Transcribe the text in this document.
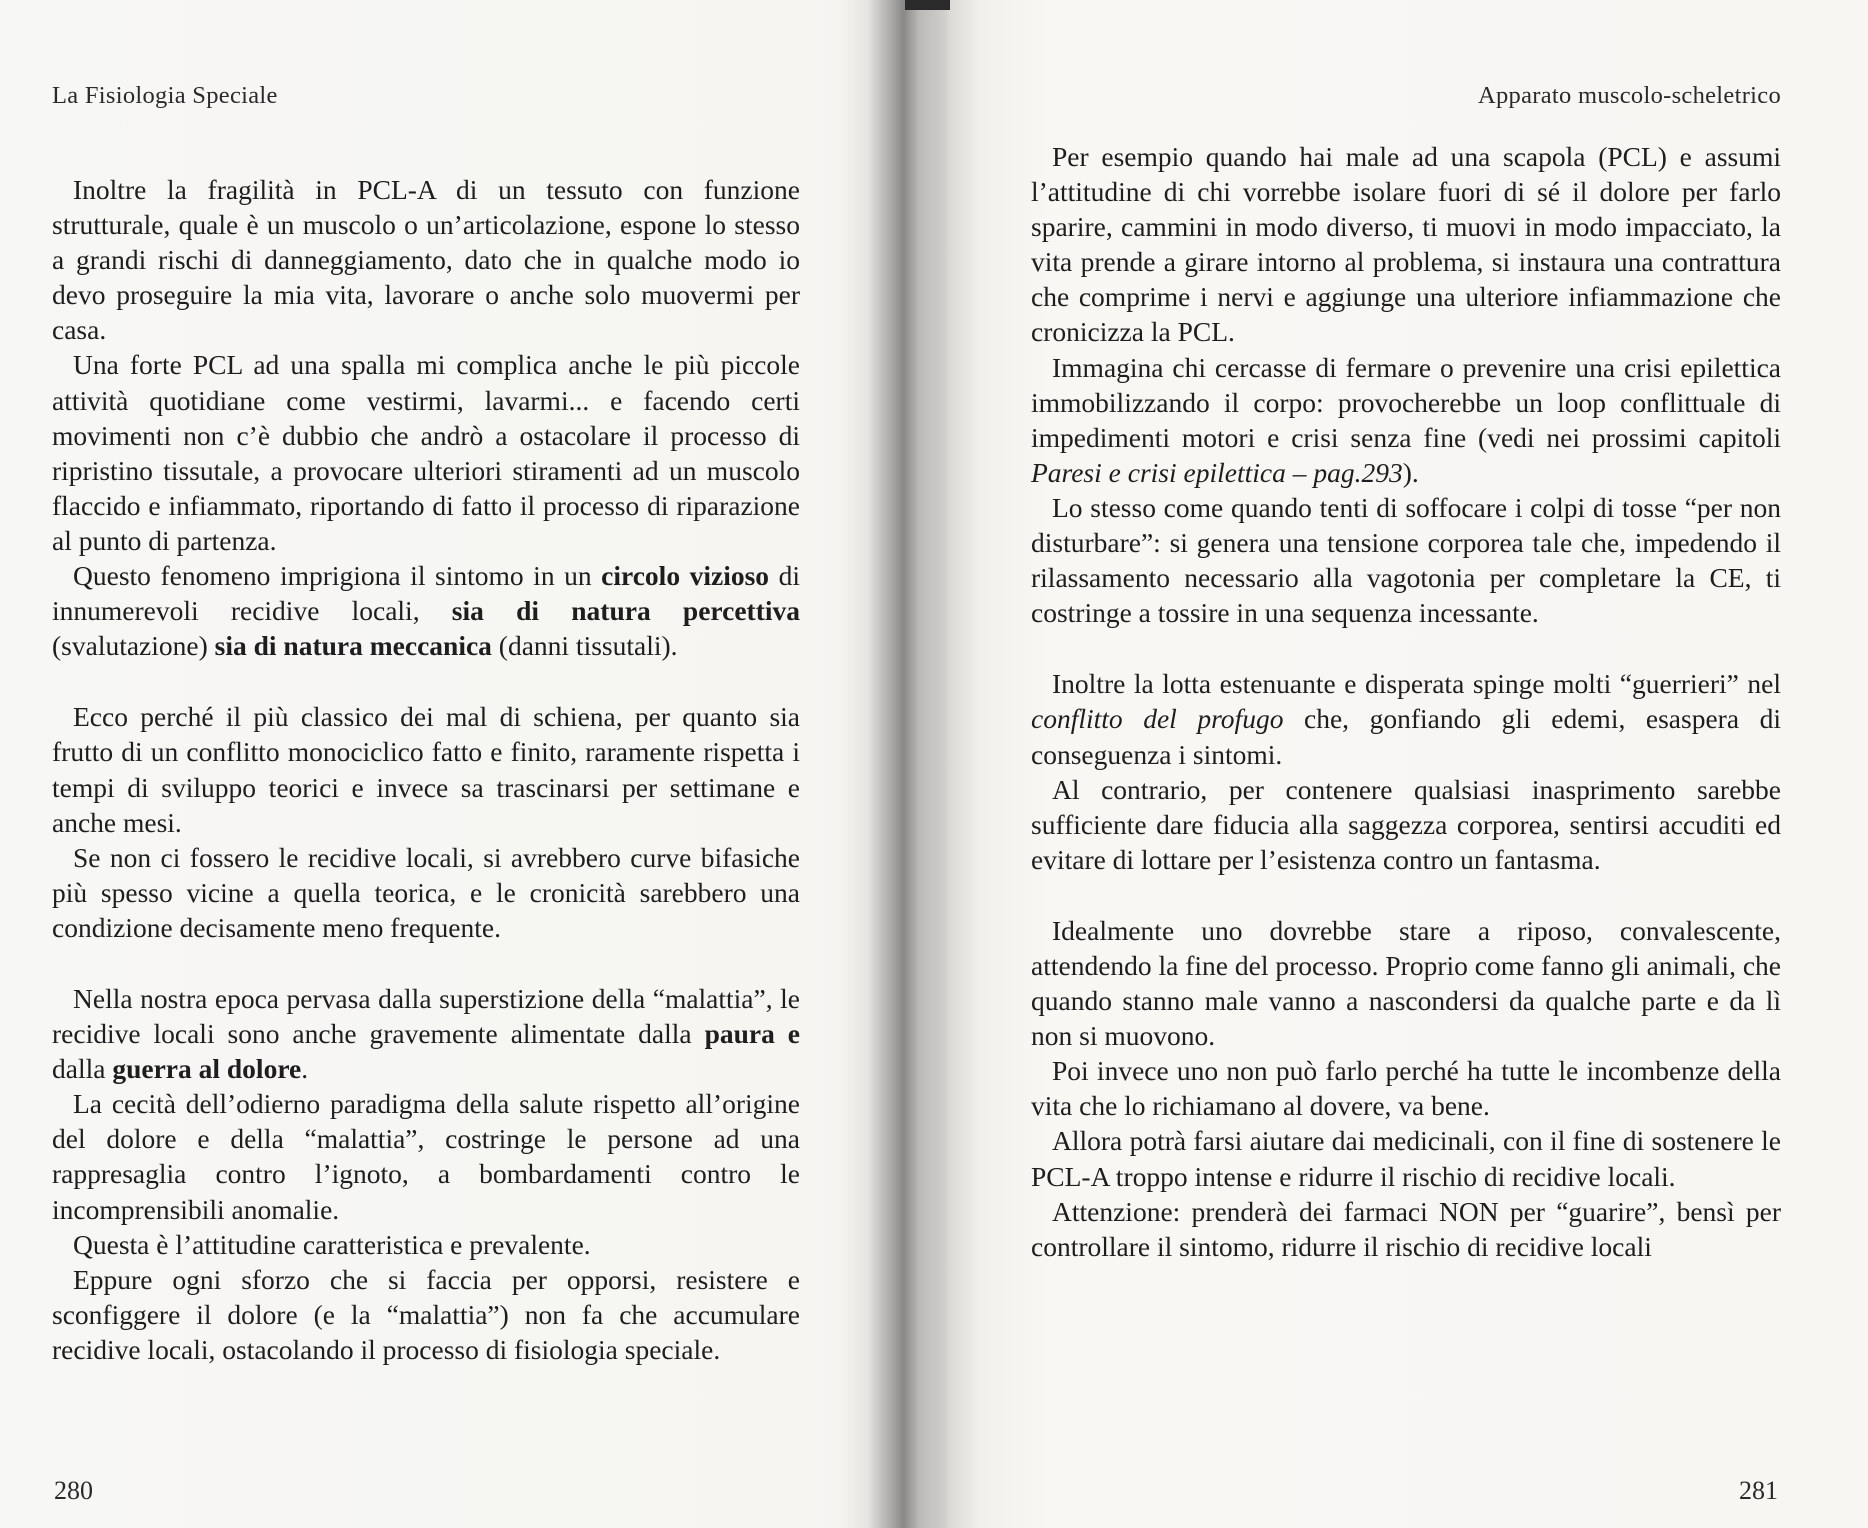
La Fisiologia Speciale

Inoltre la fragilità in PCL-A di un tessuto con funzione strutturale, quale è un muscolo o un’articolazione, espone lo stesso a grandi rischi di danneggiamento, dato che in qualche modo io devo proseguire la mia vita, lavorare o anche solo muovermi per casa.

Una forte PCL ad una spalla mi complica anche le più piccole attività quotidiane come vestirmi, lavarmi... e facendo certi movimenti non c’è dubbio che andrò a ostacolare il processo di ripristino tissutale, a provocare ulteriori stiramenti ad un muscolo flaccido e infiammato, riportando di fatto il processo di riparazione al punto di partenza.

Questo fenomeno imprigiona il sintomo in un circolo vizioso di innumerevoli recidive locali, sia di natura percettiva (svalutazione) sia di natura meccanica (danni tissutali).

Ecco perché il più classico dei mal di schiena, per quanto sia frutto di un conflitto monociclico fatto e finito, raramente rispetta i tempi di sviluppo teorici e invece sa trascinarsi per settimane e anche mesi.

Se non ci fossero le recidive locali, si avrebbero curve bifasiche più spesso vicine a quella teorica, e le cronicità sarebbero una condizione decisamente meno frequente.

Nella nostra epoca pervasa dalla superstizione della “malattia”, le recidive locali sono anche gravemente alimentate dalla paura e dalla guerra al dolore.

La cecità dell’odierno paradigma della salute rispetto all’origine del dolore e della “malattia”, costringe le persone ad una rappresaglia contro l’ignoto, a bombardamenti contro le incomprensibili anomalie.

Questa è l’attitudine caratteristica e prevalente.

Eppure ogni sforzo che si faccia per opporsi, resistere e sconfiggere il dolore (e la “malattia”) non fa che accumulare recidive locali, ostacolando il processo di fisiologia speciale.

280
Apparato muscolo-scheletrico

Per esempio quando hai male ad una scapola (PCL) e assumi l’attitudine di chi vorrebbe isolare fuori di sé il dolore per farlo sparire, cammini in modo diverso, ti muovi in modo impacciato, la vita prende a girare intorno al problema, si instaura una contrattura che comprime i nervi e aggiunge una ulteriore infiammazione che cronicizza la PCL.

Immagina chi cercasse di fermare o prevenire una crisi epilettica immobilizzando il corpo: provocherebbe un loop conflittuale di impedimenti motori e crisi senza fine (vedi nei prossimi capitoli Paresi e crisi epilettica – pag.293).

Lo stesso come quando tenti di soffocare i colpi di tosse “per non disturbare”: si genera una tensione corporea tale che, impedendo il rilassamento necessario alla vagotonia per completare la CE, ti costringe a tossire in una sequenza incessante.

Inoltre la lotta estenuante e disperata spinge molti “guerrieri” nel conflitto del profugo che, gonfiando gli edemi, esaspera di conseguenza i sintomi.

Al contrario, per contenere qualsiasi inasprimento sarebbe sufficiente dare fiducia alla saggezza corporea, sentirsi accuditi ed evitare di lottare per l’esistenza contro un fantasma.

Idealmente uno dovrebbe stare a riposo, convalescente, attendendo la fine del processo. Proprio come fanno gli animali, che quando stanno male vanno a nascondersi da qualche parte e da lì non si muovono.

Poi invece uno non può farlo perché ha tutte le incombenze della vita che lo richiamano al dovere, va bene.

Allora potrà farsi aiutare dai medicinali, con il fine di sostenere le PCL-A troppo intense e ridurre il rischio di recidive locali.

Attenzione: prenderà dei farmaci NON per “guarire”, bensì per controllare il sintomo, ridurre il rischio di recidive locali

281
